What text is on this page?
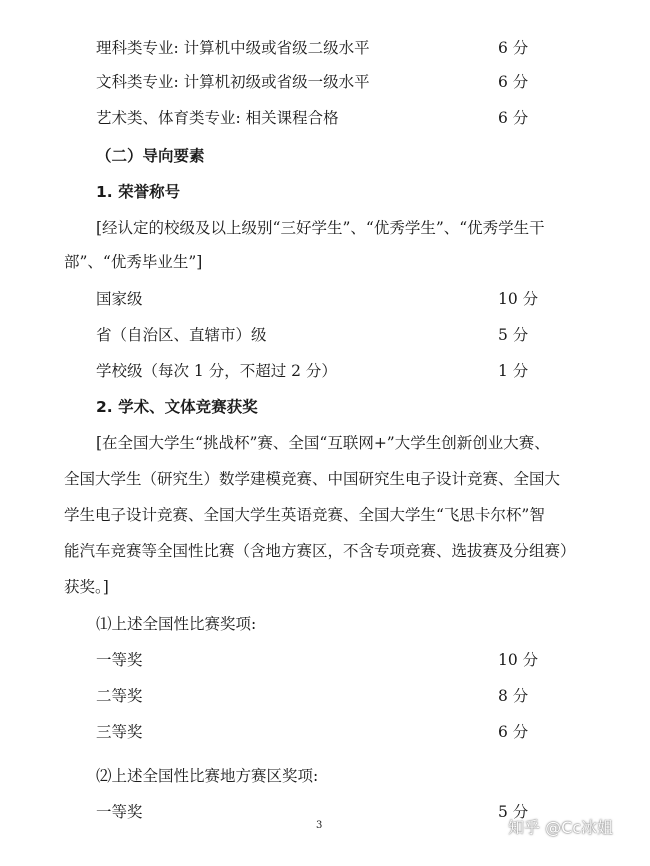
理科类专业: 计算机中级或省级二级水平	6 分
文科类专业: 计算机初级或省级一级水平	6 分
艺术类、体育类专业: 相关课程合格	6 分
（二）导向要素
1. 荣誉称号
[经认定的校级及以上级别“三好学生”、“优秀学生”、“优秀学生干
部”、“优秀毕业生”]
国家级	10 分
省（自治区、直辖市）级	5 分
学校级（每次 1 分，不超过 2 分）	1 分
2. 学术、文体竞赛获奖
[在全国大学生“挑战杯”赛、全国“互联网+”大学生创新创业大赛、
全国大学生（研究生）数学建模竞赛、中国研究生电子设计竞赛、全国大
学生电子设计竞赛、全国大学生英语竞赛、全国大学生“飞思卡尔杯”智
能汽车竞赛等全国性比赛（含地方赛区，不含专项竞赛、选拔赛及分组赛）
获奖。]
⑴上述全国性比赛奖项:
一等奖	10 分
二等奖	8 分
三等奖	6 分
⑵上述全国性比赛地方赛区奖项:
一等奖	5 分
3	知乎 @Cc冰姐
